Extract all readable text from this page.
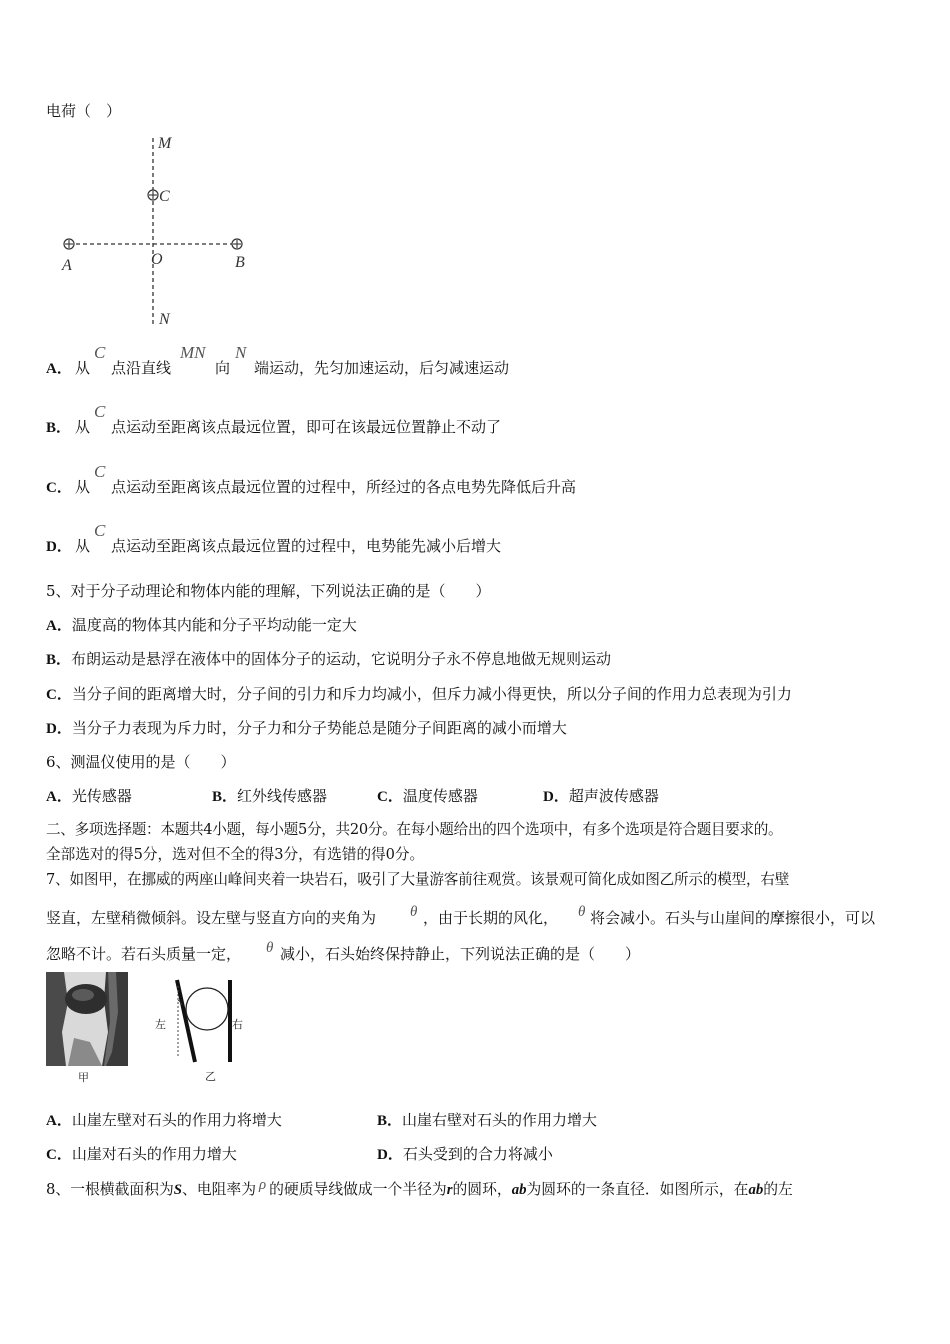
电荷（　）
M
C
A	O	B
N
A． 从
C
点沿直线
MN
向
N
端运动，先匀加速运动，后匀减速运动
B． 从
C
点运动至距离该点最远位置，即可在该最远位置静止不动了
C． 从
C
点运动至距离该点最远位置的过程中，所经过的各点电势先降低后升高
D． 从
C
点运动至距离该点最远位置的过程中，电势能先减小后增大
5、对于分子动理论和物体内能的理解，下列说法正确的是（　　）
A．温度高的物体其内能和分子平均动能一定大
B．布朗运动是悬浮在液体中的固体分子的运动，它说明分子永不停息地做无规则运动
C．当分子间的距离增大时，分子间的引力和斥力均减小，但斥力减小得更快，所以分子间的作用力总表现为引力
D．当分子力表现为斥力时，分子力和分子势能总是随分子间距离的减小而增大
6、测温仪使用的是（　　）
A．光传感器	B．红外线传感器	C．温度传感器	D．超声波传感器
二、多项选择题：本题共4小题，每小题5分，共20分。在每小题给出的四个选项中，有多个选项是符合题目要求的。
全部选对的得5分，选对但不全的得3分，有选错的得0分。
7、如图甲，在挪威的两座山峰间夹着一块岩石，吸引了大量游客前往观赏。该景观可简化成如图乙所示的模型，右壁
竖直，左壁稍微倾斜。设左壁与竖直方向的夹角为 θ ，由于长期的风化， θ 将会减小。石头与山崖间的摩擦很小，可以
忽略不计。若石头质量一定， θ 减小，石头始终保持静止，下列说法正确的是（　　）
甲
左	右
乙
A．山崖左壁对石头的作用力将增大	B．山崖右壁对石头的作用力增大
C．山崖对石头的作用力增大	D．石头受到的合力将减小
8、一根横截面积为S、电阻率为 ρ 的硬质导线做成一个半径为r的圆环，ab为圆环的一条直径．如图所示，在ab的左
